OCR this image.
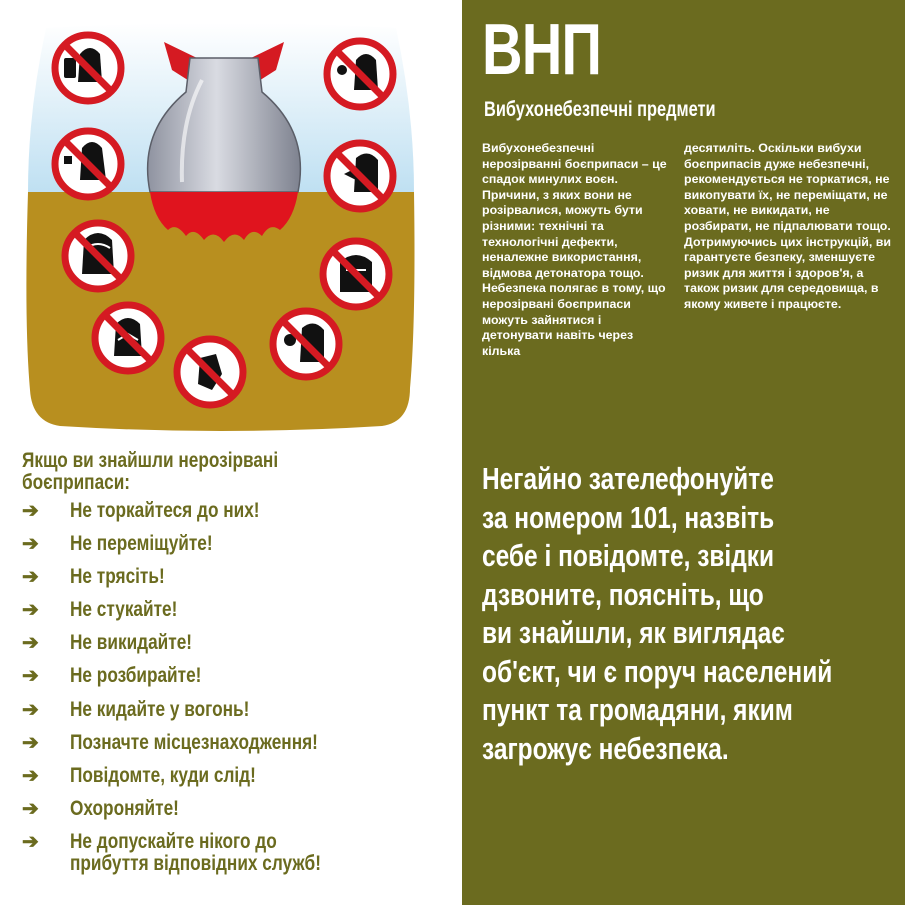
Якщо ви знайшли нерозірвані
боєприпаси:
➔	Не торкайтеся до них!
➔	Не переміщуйте!
➔	Не трясіть!
➔	Не стукайте!
➔	Не викидайте!
➔	Не розбирайте!
➔	Не кидайте у вогонь!
➔	Позначте місцезнаходження!
➔	Повідомте, куди слід!
➔	Охороняйте!
➔	Не допускайте нікого до
прибуття відповідних служб!
ВНП
Вибухонебезпечні предмети
Вибухонебезпечні нерозірванні боєприпаси – це спадок минулих воєн. Причини, з яких вони не розірвалися, можуть бути різними: технічні та технологічні дефекти, неналежне використання, відмова детонатора тощо. Небезпека полягає в тому, що нерозірвані боєприпаси можуть зайнятися і детонувати навіть через кілька
десятиліть. Оскільки вибухи боєприпасів дуже небезпечні, рекомендується не торкатися, не викопувати їх, не переміщати, не ховати, не викидати, не розбирати, не підпалювати тощо. Дотримуючись цих інструкцій, ви гарантуєте безпеку, зменшуєте ризик для життя і здоров'я, а також ризик для середовища, в якому живете і працюєте.
Негайно зателефонуйте
за номером 101, назвіть
себе і повідомте, звідки
дзвоните, поясніть, що
ви знайшли, як виглядає
об'єкт, чи є поруч населений
пункт та громадяни, яким
загрожує небезпека.
